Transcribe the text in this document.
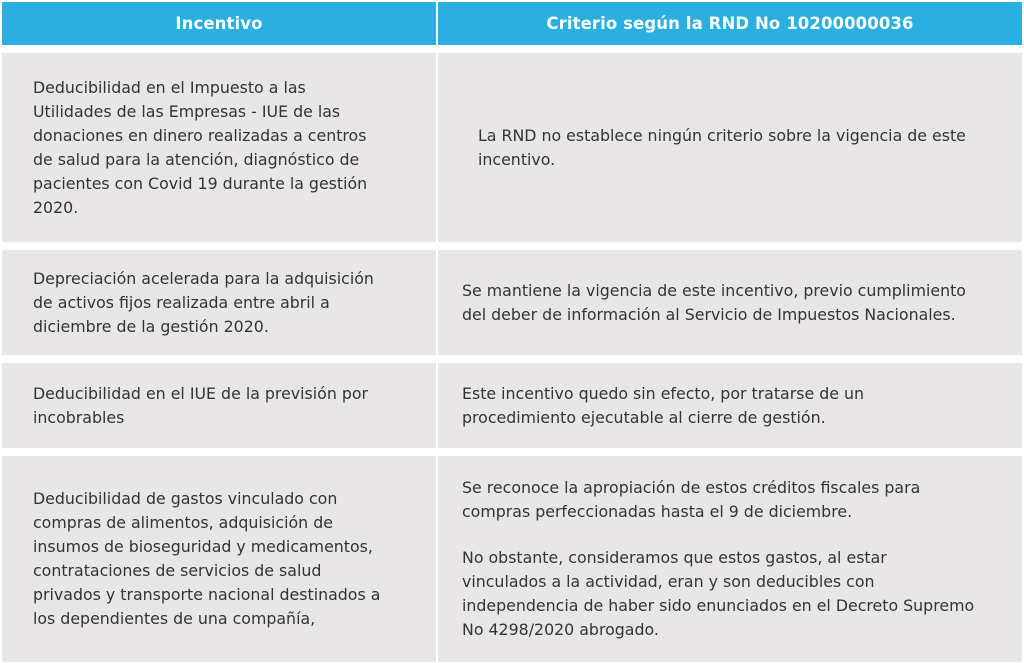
Incentivo	Criterio según la RND No 10200000036
Deducibilidad en el Impuesto a las
Utilidades de las Empresas - IUE de las
donaciones en dinero realizadas a centros
de salud para la atención, diagnóstico de
pacientes con Covid 19 durante la gestión
2020.
La RND no establece ningún criterio sobre la vigencia de este
incentivo.
Depreciación acelerada para la adquisición
de activos fijos realizada entre abril a
diciembre de la gestión 2020.
Se mantiene la vigencia de este incentivo, previo cumplimiento
del deber de información al Servicio de Impuestos Nacionales.
Deducibilidad en el IUE de la previsión por
incobrables
Este incentivo quedo sin efecto, por tratarse de un
procedimiento ejecutable al cierre de gestión.
Deducibilidad de gastos vinculado con
compras de alimentos, adquisición de
insumos de bioseguridad y medicamentos,
contrataciones de servicios de salud
privados y transporte nacional destinados a
los dependientes de una compañía,
Se reconoce la apropiación de estos créditos fiscales para
compras perfeccionadas hasta el 9 de diciembre.
No obstante, consideramos que estos gastos, al estar
vinculados a la actividad, eran y son deducibles con
independencia de haber sido enunciados en el Decreto Supremo
No 4298/2020 abrogado.
